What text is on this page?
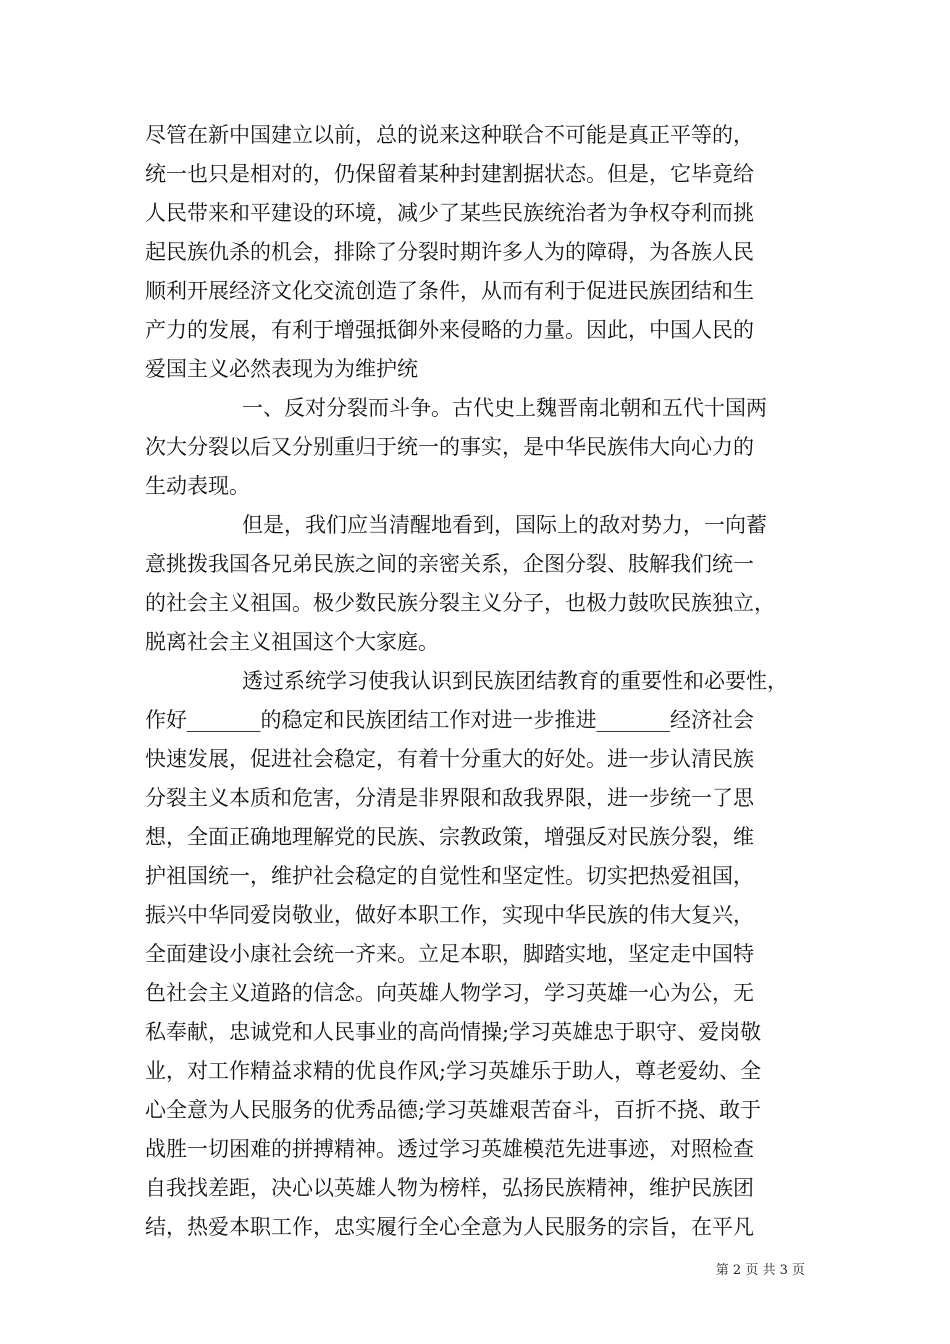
尽管在新中国建立以前，总的说来这种联合不可能是真正平等的，
统一也只是相对的，仍保留着某种封建割据状态。但是，它毕竟给
人民带来和平建设的环境，减少了某些民族统治者为争权夺利而挑
起民族仇杀的机会，排除了分裂时期许多人为的障碍，为各族人民
顺利开展经济文化交流创造了条件，从而有利于促进民族团结和生
产力的发展，有利于增强抵御外来侵略的力量。因此，中国人民的
爱国主义必然表现为为维护统
一、反对分裂而斗争。古代史上魏晋南北朝和五代十国两
次大分裂以后又分别重归于统一的事实，是中华民族伟大向心力的
生动表现。
但是，我们应当清醒地看到，国际上的敌对势力，一向蓄
意挑拨我国各兄弟民族之间的亲密关系，企图分裂、肢解我们统一
的社会主义祖国。极少数民族分裂主义分子，也极力鼓吹民族独立，
脱离社会主义祖国这个大家庭。
透过系统学习使我认识到民族团结教育的重要性和必要性，
作好_______的稳定和民族团结工作对进一步推进_______经济社会
快速发展，促进社会稳定，有着十分重大的好处。进一步认清民族
分裂主义本质和危害，分清是非界限和敌我界限，进一步统一了思
想，全面正确地理解党的民族、宗教政策，增强反对民族分裂，维
护祖国统一，维护社会稳定的自觉性和坚定性。切实把热爱祖国，
振兴中华同爱岗敬业，做好本职工作，实现中华民族的伟大复兴，
全面建设小康社会统一齐来。立足本职，脚踏实地，坚定走中国特
色社会主义道路的信念。向英雄人物学习，学习英雄一心为公，无
私奉献，忠诚党和人民事业的高尚情操;学习英雄忠于职守、爱岗敬
业，对工作精益求精的优良作风;学习英雄乐于助人，尊老爱幼、全
心全意为人民服务的优秀品德;学习英雄艰苦奋斗，百折不挠、敢于
战胜一切困难的拼搏精神。透过学习英雄模范先进事迹，对照检查
自我找差距，决心以英雄人物为榜样，弘扬民族精神，维护民族团
结，热爱本职工作，忠实履行全心全意为人民服务的宗旨，在平凡
第 2 页 共 3 页
